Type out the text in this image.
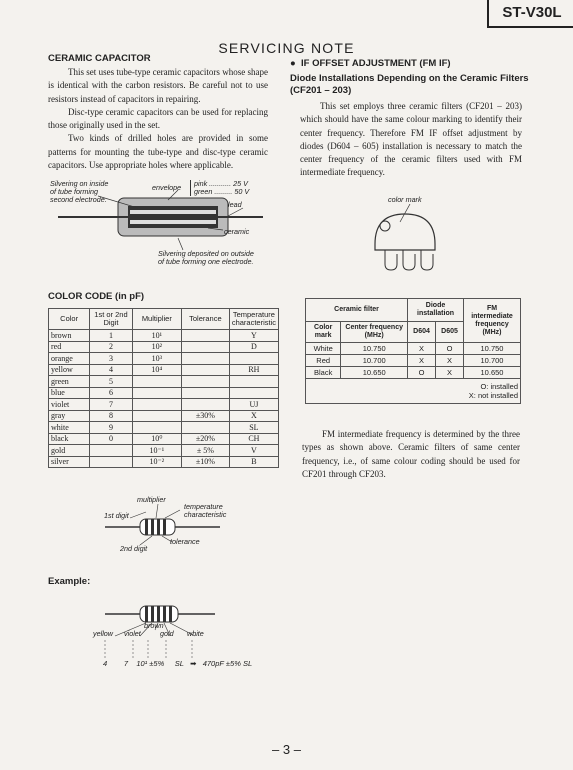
ST-V30L
SERVICING NOTE
CERAMIC CAPACITOR

This set uses tube-type ceramic capacitors whose shape is identical with the carbon resistors. Be careful not to use resistors instead of capacitors in repairing.

Disc-type ceramic capacitors can be used for replacing those originally used in the set.

Two kinds of drilled holes are provided in some patterns for mounting the tube-type and disc-type ceramic capacitors. Use appropriate holes where applicable.

Silvering on inside
of tube forming
second electrode.
envelope pink ........... 25 V
green ......... 50 V
lead
ceramic
Silvering deposited on outside
of tube forming one electrode.
● IF OFFSET ADJUSTMENT (FM IF)
Diode Installations Depending on the Ceramic Filters
(CF201 – 203)

This set employs three ceramic filters (CF201 – 203) which should have the same colour marking to identify their center frequency. Therefore FM IF offset adjustment by diodes (D604 – 605) installation is necessary to match the center frequency of the ceramic filters used with FM intermediate frequency.

color mark
Ceramic filter		Diode installation		FM intermediate frequency (MHz)
Color mark	Center frequency (MHz)	D604	D605	
White	10.750	X	O	10.750
Red	10.700	X	X	10.700
Black	10.650	O	X	10.650

O: installed
X: not installed				

FM intermediate frequency is determined by the three types as shown above. Ceramic filters of same center frequency, i.e., of same colour coding should be used for CF201 through CF203.

COLOR CODE (in pF)
Color	1st or 2nd Digit	Multiplier	Tolerance	Temperature characteristic
brown	1	10¹		Y
red	2	10²		D
orange	3	10³		
yellow	4	10⁴		RH
green	5			
blue	6			
violet	7			UJ
gray	8		±30%	X
white	9			SL
black	0	10⁰	±20%	CH
gold		10⁻¹	± 5%	V
silver		10⁻²	±10%	B
multiplier
temperature
characteristic
1st digit
tolerance
2nd digit
Example:
brown
yellow violet	gold white
4 7 10¹ ±5% SL ➡ 470pF ±5% SL
– 3 –
